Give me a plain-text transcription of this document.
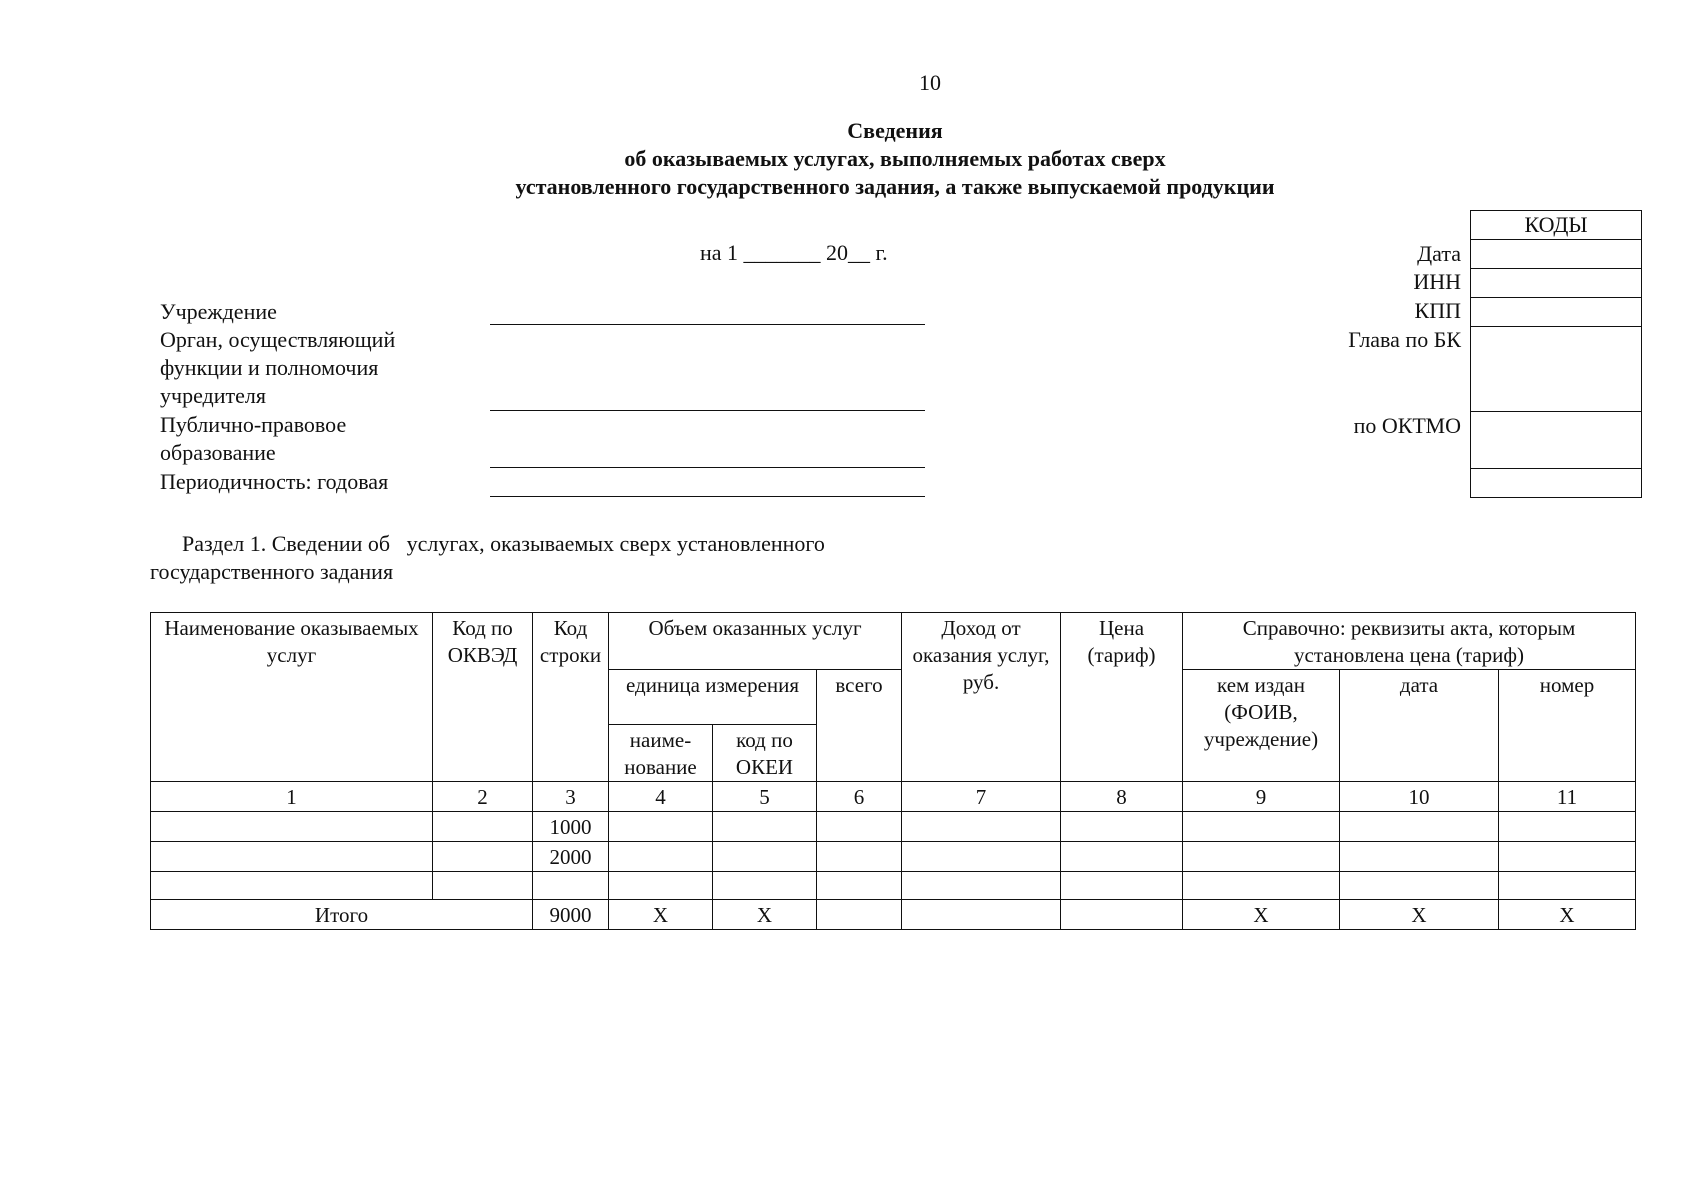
10
Сведения
об оказываемых услугах, выполняемых работах сверх
установленного государственного задания, а также выпускаемой продукции
на 1 _______ 20__ г.
Учреждение
Орган, осуществляющий
функции и полномочия
учредителя
Публично-правовое
образование
Периодичность: годовая
Дата
ИНН
КПП
Глава по БК
по ОКТМО
КОДЫ

Раздел 1. Сведении об   услугах, оказываемых сверх установленного
государственного задания
Наименование оказываемых услуг	Код по ОКВЭД	Код строки	Объем оказанных услуг			Доход от оказания услуг, руб.	Цена (тариф)	Справочно: реквизиты акта, которым установлена цена (тариф)		
			единица измерения		всего			кем издан (ФОИВ, учреждение)	дата	номер
			наиме-нование	код по ОКЕИ						
1	2	3	4	5	6	7	8	9	10	11
		1000								
		2000								

Итого		9000	X	X				X	X	X
